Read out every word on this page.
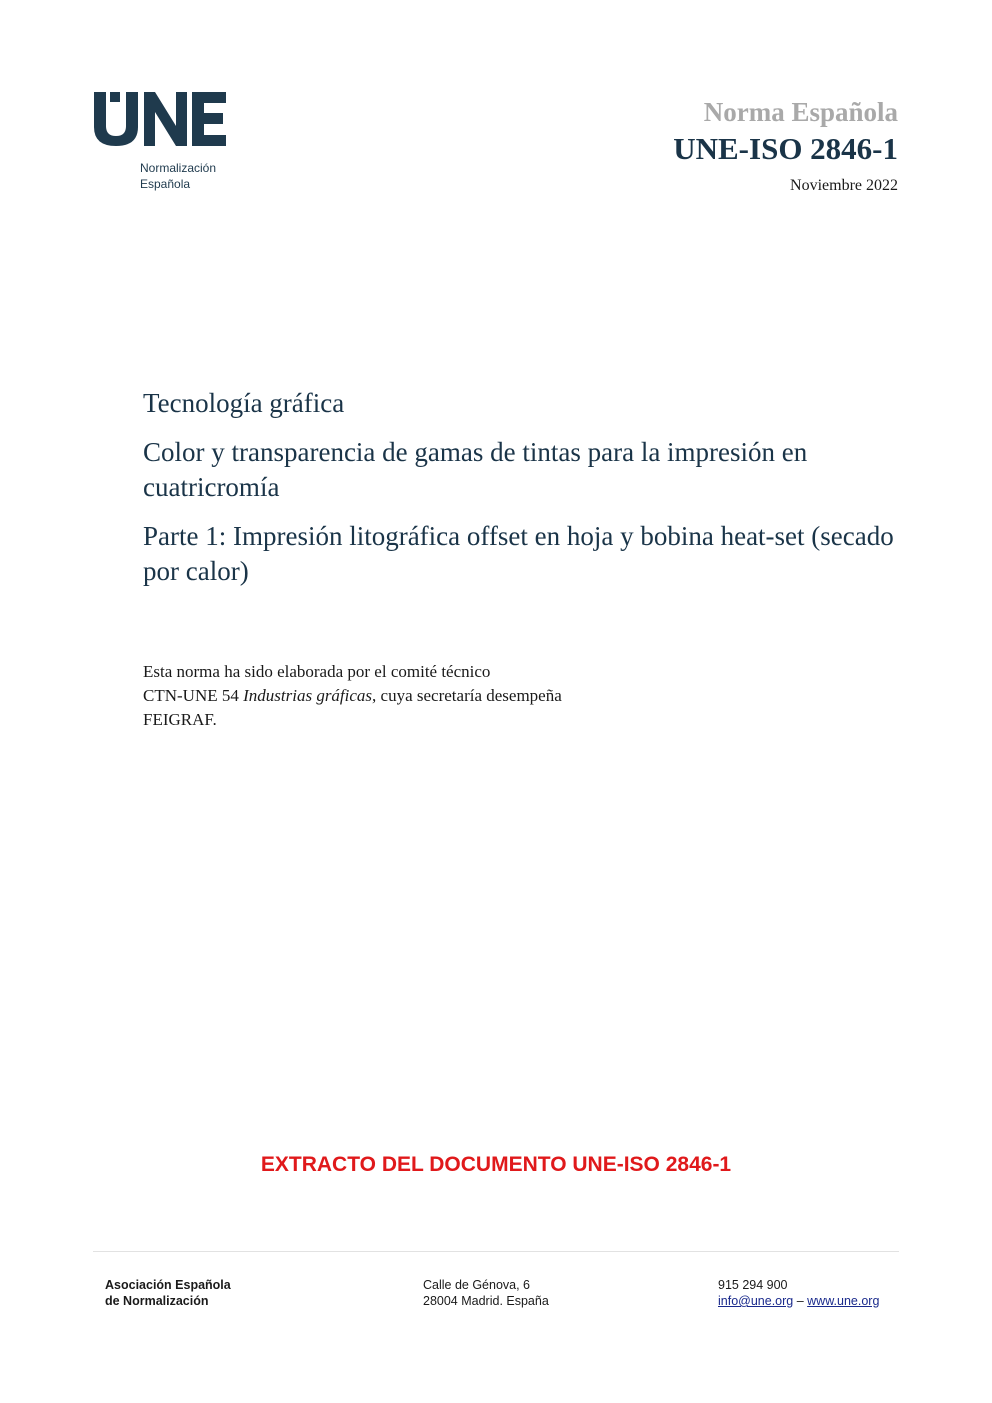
Normalización
Española
Norma Española
UNE-ISO 2846-1
Noviembre 2022

Tecnología gráfica

Color y transparencia de gamas de tintas para la impresión en cuatricromía

Parte 1: Impresión litográfica offset en hoja y bobina heat-set (secado por calor)

Esta norma ha sido elaborada por el comité técnico
CTN-UNE 54 Industrias gráficas, cuya secretaría desempeña
FEIGRAF.
EXTRACTO DEL DOCUMENTO UNE-ISO 2846-1
Asociación Española
de Normalización
Calle de Génova, 6
28004 Madrid. España
915 294 900
info@une.org – www.une.org
